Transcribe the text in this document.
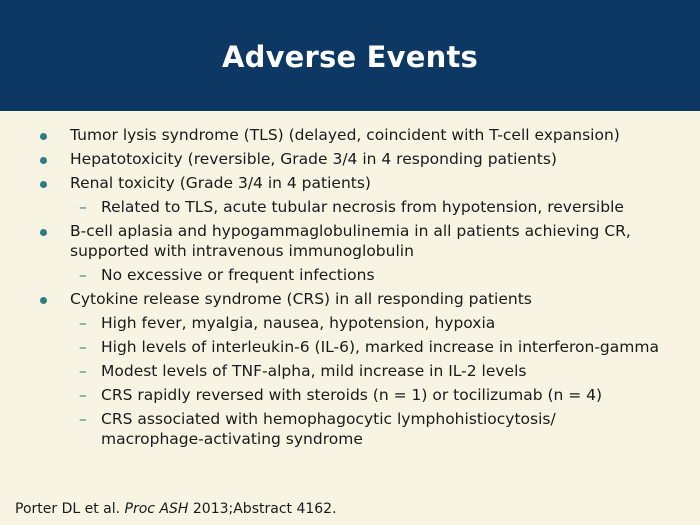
Adverse Events
Tumor lysis syndrome (TLS) (delayed, coincident with T-cell expansion)
Hepatotoxicity (reversible, Grade 3/4 in 4 responding patients)
Renal toxicity (Grade 3/4 in 4 patients)
– Related to TLS, acute tubular necrosis from hypotension, reversible
B-cell aplasia and hypogammaglobulinemia in all patients achieving CR, supported with intravenous immunoglobulin
– No excessive or frequent infections
Cytokine release syndrome (CRS) in all responding patients
– High fever, myalgia, nausea, hypotension, hypoxia
– High levels of interleukin-6 (IL-6), marked increase in interferon-gamma
– Modest levels of TNF-alpha, mild increase in IL-2 levels
– CRS rapidly reversed with steroids (n = 1) or tocilizumab (n = 4)
– CRS associated with hemophagocytic lymphohistiocytosis/ macrophage-activating syndrome
Porter DL et al. Proc ASH 2013;Abstract 4162.
